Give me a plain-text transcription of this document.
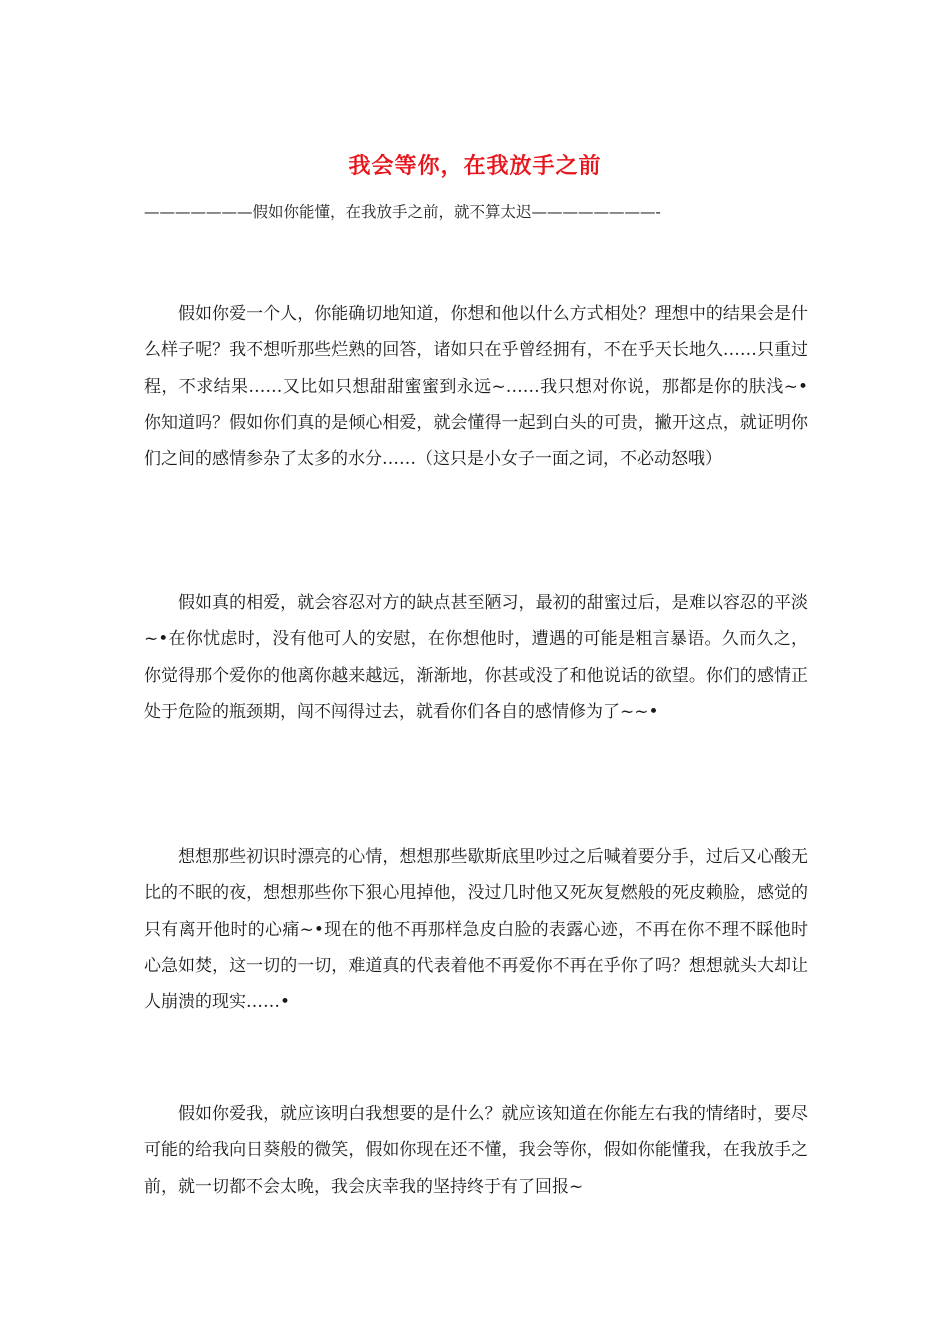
我会等你，在我放手之前
———————假如你能懂，在我放手之前，就不算太迟————————-

假如你爱一个人，你能确切地知道，你想和他以什么方式相处？理想中的结果会是什么样子呢？我不想听那些烂熟的回答，诸如只在乎曾经拥有，不在乎天长地久……只重过程，不求结果……又比如只想甜甜蜜蜜到永远~……我只想对你说，那都是你的肤浅~•你知道吗？假如你们真的是倾心相爱，就会懂得一起到白头的可贵，撇开这点，就证明你们之间的感情参杂了太多的水分……（这只是小女子一面之词，不必动怒哦）

假如真的相爱，就会容忍对方的缺点甚至陋习，最初的甜蜜过后，是难以容忍的平淡~•在你忧虑时，没有他可人的安慰，在你想他时，遭遇的可能是粗言暴语。久而久之，你觉得那个爱你的他离你越来越远，渐渐地，你甚或没了和他说话的欲望。你们的感情正处于危险的瓶颈期，闯不闯得过去，就看你们各自的感情修为了~~•

想想那些初识时漂亮的心情，想想那些歇斯底里吵过之后喊着要分手，过后又心酸无比的不眠的夜，想想那些你下狠心甩掉他，没过几时他又死灰复燃般的死皮赖脸，感觉的只有离开他时的心痛~•现在的他不再那样急皮白脸的表露心迹，不再在你不理不睬他时心急如焚，这一切的一切，难道真的代表着他不再爱你不再在乎你了吗？想想就头大却让人崩溃的现实……•

假如你爱我，就应该明白我想要的是什么？就应该知道在你能左右我的情绪时，要尽可能的给我向日葵般的微笑，假如你现在还不懂，我会等你，假如你能懂我，在我放手之前，就一切都不会太晚，我会庆幸我的坚持终于有了回报~
